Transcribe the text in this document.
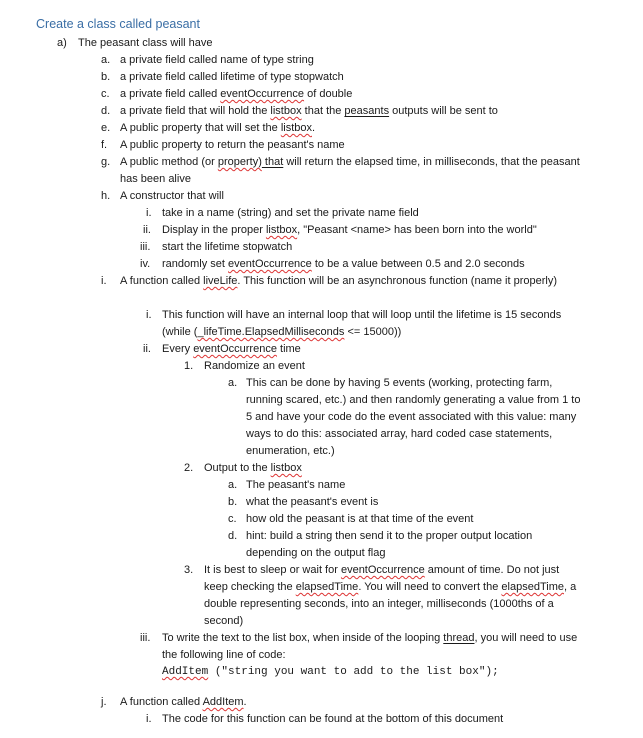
Create a class called peasant
a) The peasant class will have
a. a private field called name of type string
b. a private field called lifetime of type stopwatch
c. a private field called eventOccurrence of double
d. a private field that will hold the listbox that the peasants outputs will be sent to
e. A public property that will set the listbox.
f. A public property to return the peasant's name
g. A public method (or property) that will return the elapsed time, in milliseconds, that the peasant has been alive
h. A constructor that will
i. take in a name (string) and set the private name field
ii. Display in the proper listbox, "Peasant <name> has been born into the world"
iii. start the lifetime stopwatch
iv. randomly set eventOccurrence to be a value between 0.5 and 2.0 seconds
i. A function called liveLife. This function will be an asynchronous function (name it properly)
i. This function will have an internal loop that will loop until the lifetime is 15 seconds (while (_lifeTime.ElapsedMilliseconds <= 15000))
ii. Every eventOccurrence time
1. Randomize an event
a. This can be done by having 5 events (working, protecting farm, running scared, etc.) and then randomly generating a value from 1 to 5 and have your code do the event associated with this value: many ways to do this: associated array, hard coded case statements, enumeration, etc.)
2. Output to the listbox
a. The peasant's name
b. what the peasant's event is
c. how old the peasant is at that time of the event
d. hint: build a string then send it to the proper output location depending on the output flag
3. It is best to sleep or wait for eventOccurrence amount of time. Do not just keep checking the elapsedTime. You will need to convert the elapsedTime, a double representing seconds, into an integer, milliseconds (1000ths of a second)
iii. To write the text to the list box, when inside of the looping thread, you will need to use the following line of code:
AddItem ("string you want to add to the list box");
j. A function called AddItem.
i. The code for this function can be found at the bottom of this document
